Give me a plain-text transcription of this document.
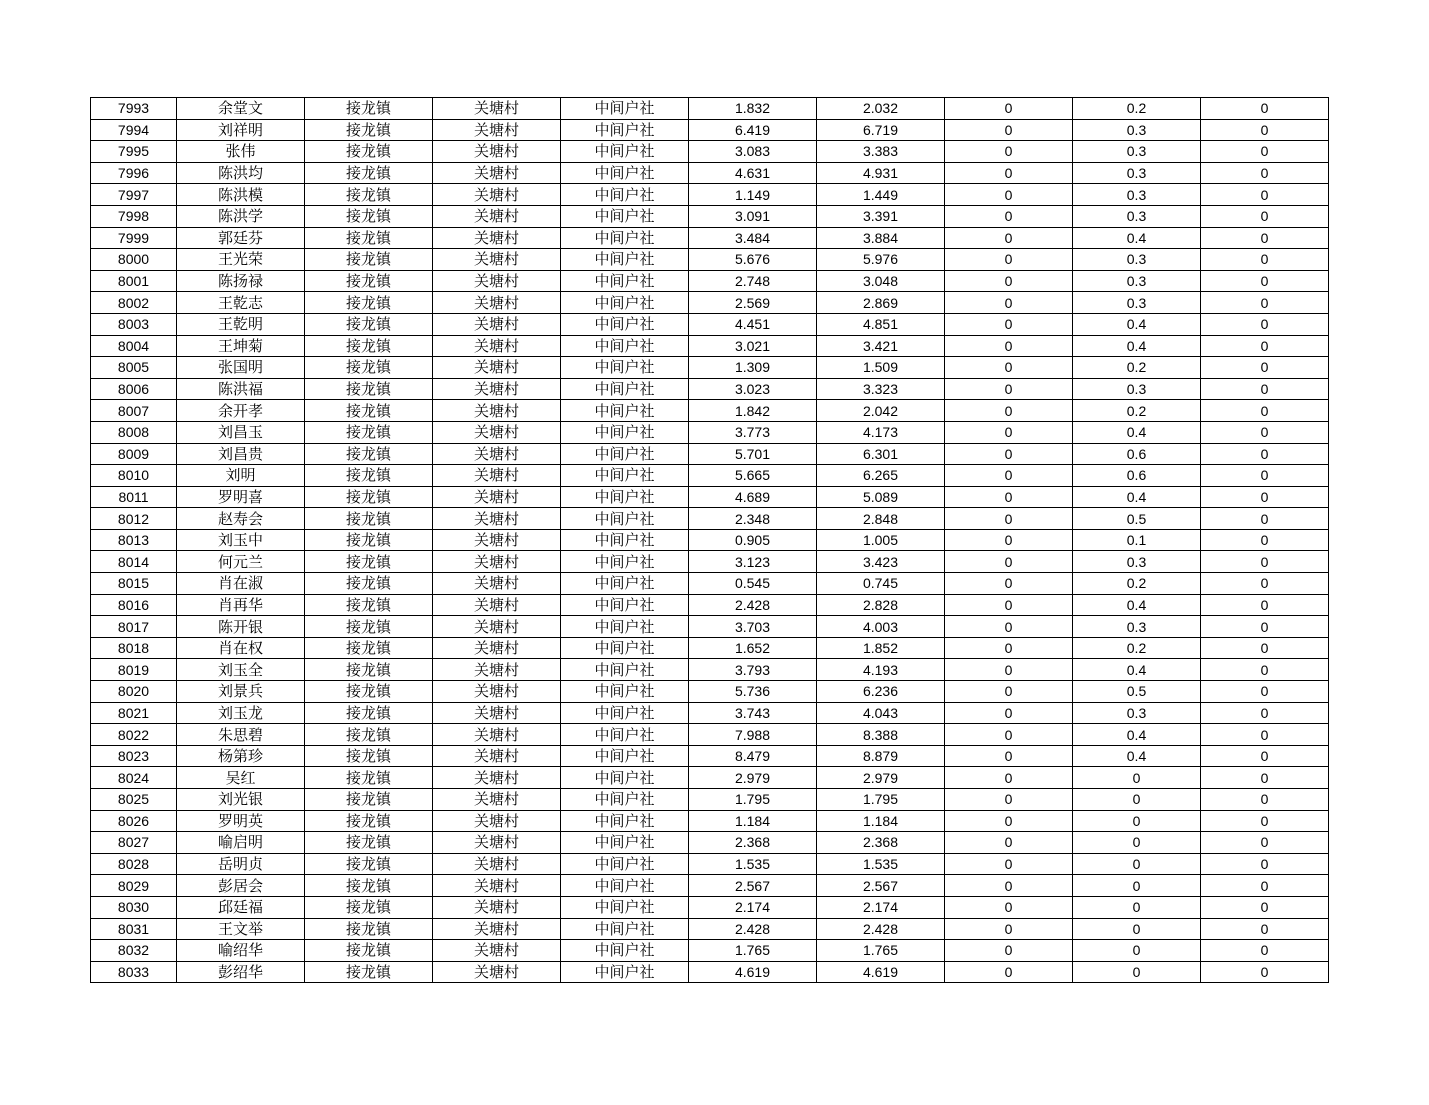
7993	余堂文	接龙镇	关塘村	中间户社	1.832	2.032	0	0.2	0
7994	刘祥明	接龙镇	关塘村	中间户社	6.419	6.719	0	0.3	0
7995	张伟	接龙镇	关塘村	中间户社	3.083	3.383	0	0.3	0
7996	陈洪均	接龙镇	关塘村	中间户社	4.631	4.931	0	0.3	0
7997	陈洪模	接龙镇	关塘村	中间户社	1.149	1.449	0	0.3	0
7998	陈洪学	接龙镇	关塘村	中间户社	3.091	3.391	0	0.3	0
7999	郭廷芬	接龙镇	关塘村	中间户社	3.484	3.884	0	0.4	0
8000	王光荣	接龙镇	关塘村	中间户社	5.676	5.976	0	0.3	0
8001	陈扬禄	接龙镇	关塘村	中间户社	2.748	3.048	0	0.3	0
8002	王乾志	接龙镇	关塘村	中间户社	2.569	2.869	0	0.3	0
8003	王乾明	接龙镇	关塘村	中间户社	4.451	4.851	0	0.4	0
8004	王坤菊	接龙镇	关塘村	中间户社	3.021	3.421	0	0.4	0
8005	张国明	接龙镇	关塘村	中间户社	1.309	1.509	0	0.2	0
8006	陈洪福	接龙镇	关塘村	中间户社	3.023	3.323	0	0.3	0
8007	余开孝	接龙镇	关塘村	中间户社	1.842	2.042	0	0.2	0
8008	刘昌玉	接龙镇	关塘村	中间户社	3.773	4.173	0	0.4	0
8009	刘昌贵	接龙镇	关塘村	中间户社	5.701	6.301	0	0.6	0
8010	刘明	接龙镇	关塘村	中间户社	5.665	6.265	0	0.6	0
8011	罗明喜	接龙镇	关塘村	中间户社	4.689	5.089	0	0.4	0
8012	赵寿会	接龙镇	关塘村	中间户社	2.348	2.848	0	0.5	0
8013	刘玉中	接龙镇	关塘村	中间户社	0.905	1.005	0	0.1	0
8014	何元兰	接龙镇	关塘村	中间户社	3.123	3.423	0	0.3	0
8015	肖在淑	接龙镇	关塘村	中间户社	0.545	0.745	0	0.2	0
8016	肖再华	接龙镇	关塘村	中间户社	2.428	2.828	0	0.4	0
8017	陈开银	接龙镇	关塘村	中间户社	3.703	4.003	0	0.3	0
8018	肖在权	接龙镇	关塘村	中间户社	1.652	1.852	0	0.2	0
8019	刘玉全	接龙镇	关塘村	中间户社	3.793	4.193	0	0.4	0
8020	刘景兵	接龙镇	关塘村	中间户社	5.736	6.236	0	0.5	0
8021	刘玉龙	接龙镇	关塘村	中间户社	3.743	4.043	0	0.3	0
8022	朱思碧	接龙镇	关塘村	中间户社	7.988	8.388	0	0.4	0
8023	杨第珍	接龙镇	关塘村	中间户社	8.479	8.879	0	0.4	0
8024	吴红	接龙镇	关塘村	中间户社	2.979	2.979	0	0	0
8025	刘光银	接龙镇	关塘村	中间户社	1.795	1.795	0	0	0
8026	罗明英	接龙镇	关塘村	中间户社	1.184	1.184	0	0	0
8027	喻启明	接龙镇	关塘村	中间户社	2.368	2.368	0	0	0
8028	岳明贞	接龙镇	关塘村	中间户社	1.535	1.535	0	0	0
8029	彭居会	接龙镇	关塘村	中间户社	2.567	2.567	0	0	0
8030	邱廷福	接龙镇	关塘村	中间户社	2.174	2.174	0	0	0
8031	王文举	接龙镇	关塘村	中间户社	2.428	2.428	0	0	0
8032	喻绍华	接龙镇	关塘村	中间户社	1.765	1.765	0	0	0
8033	彭绍华	接龙镇	关塘村	中间户社	4.619	4.619	0	0	0
